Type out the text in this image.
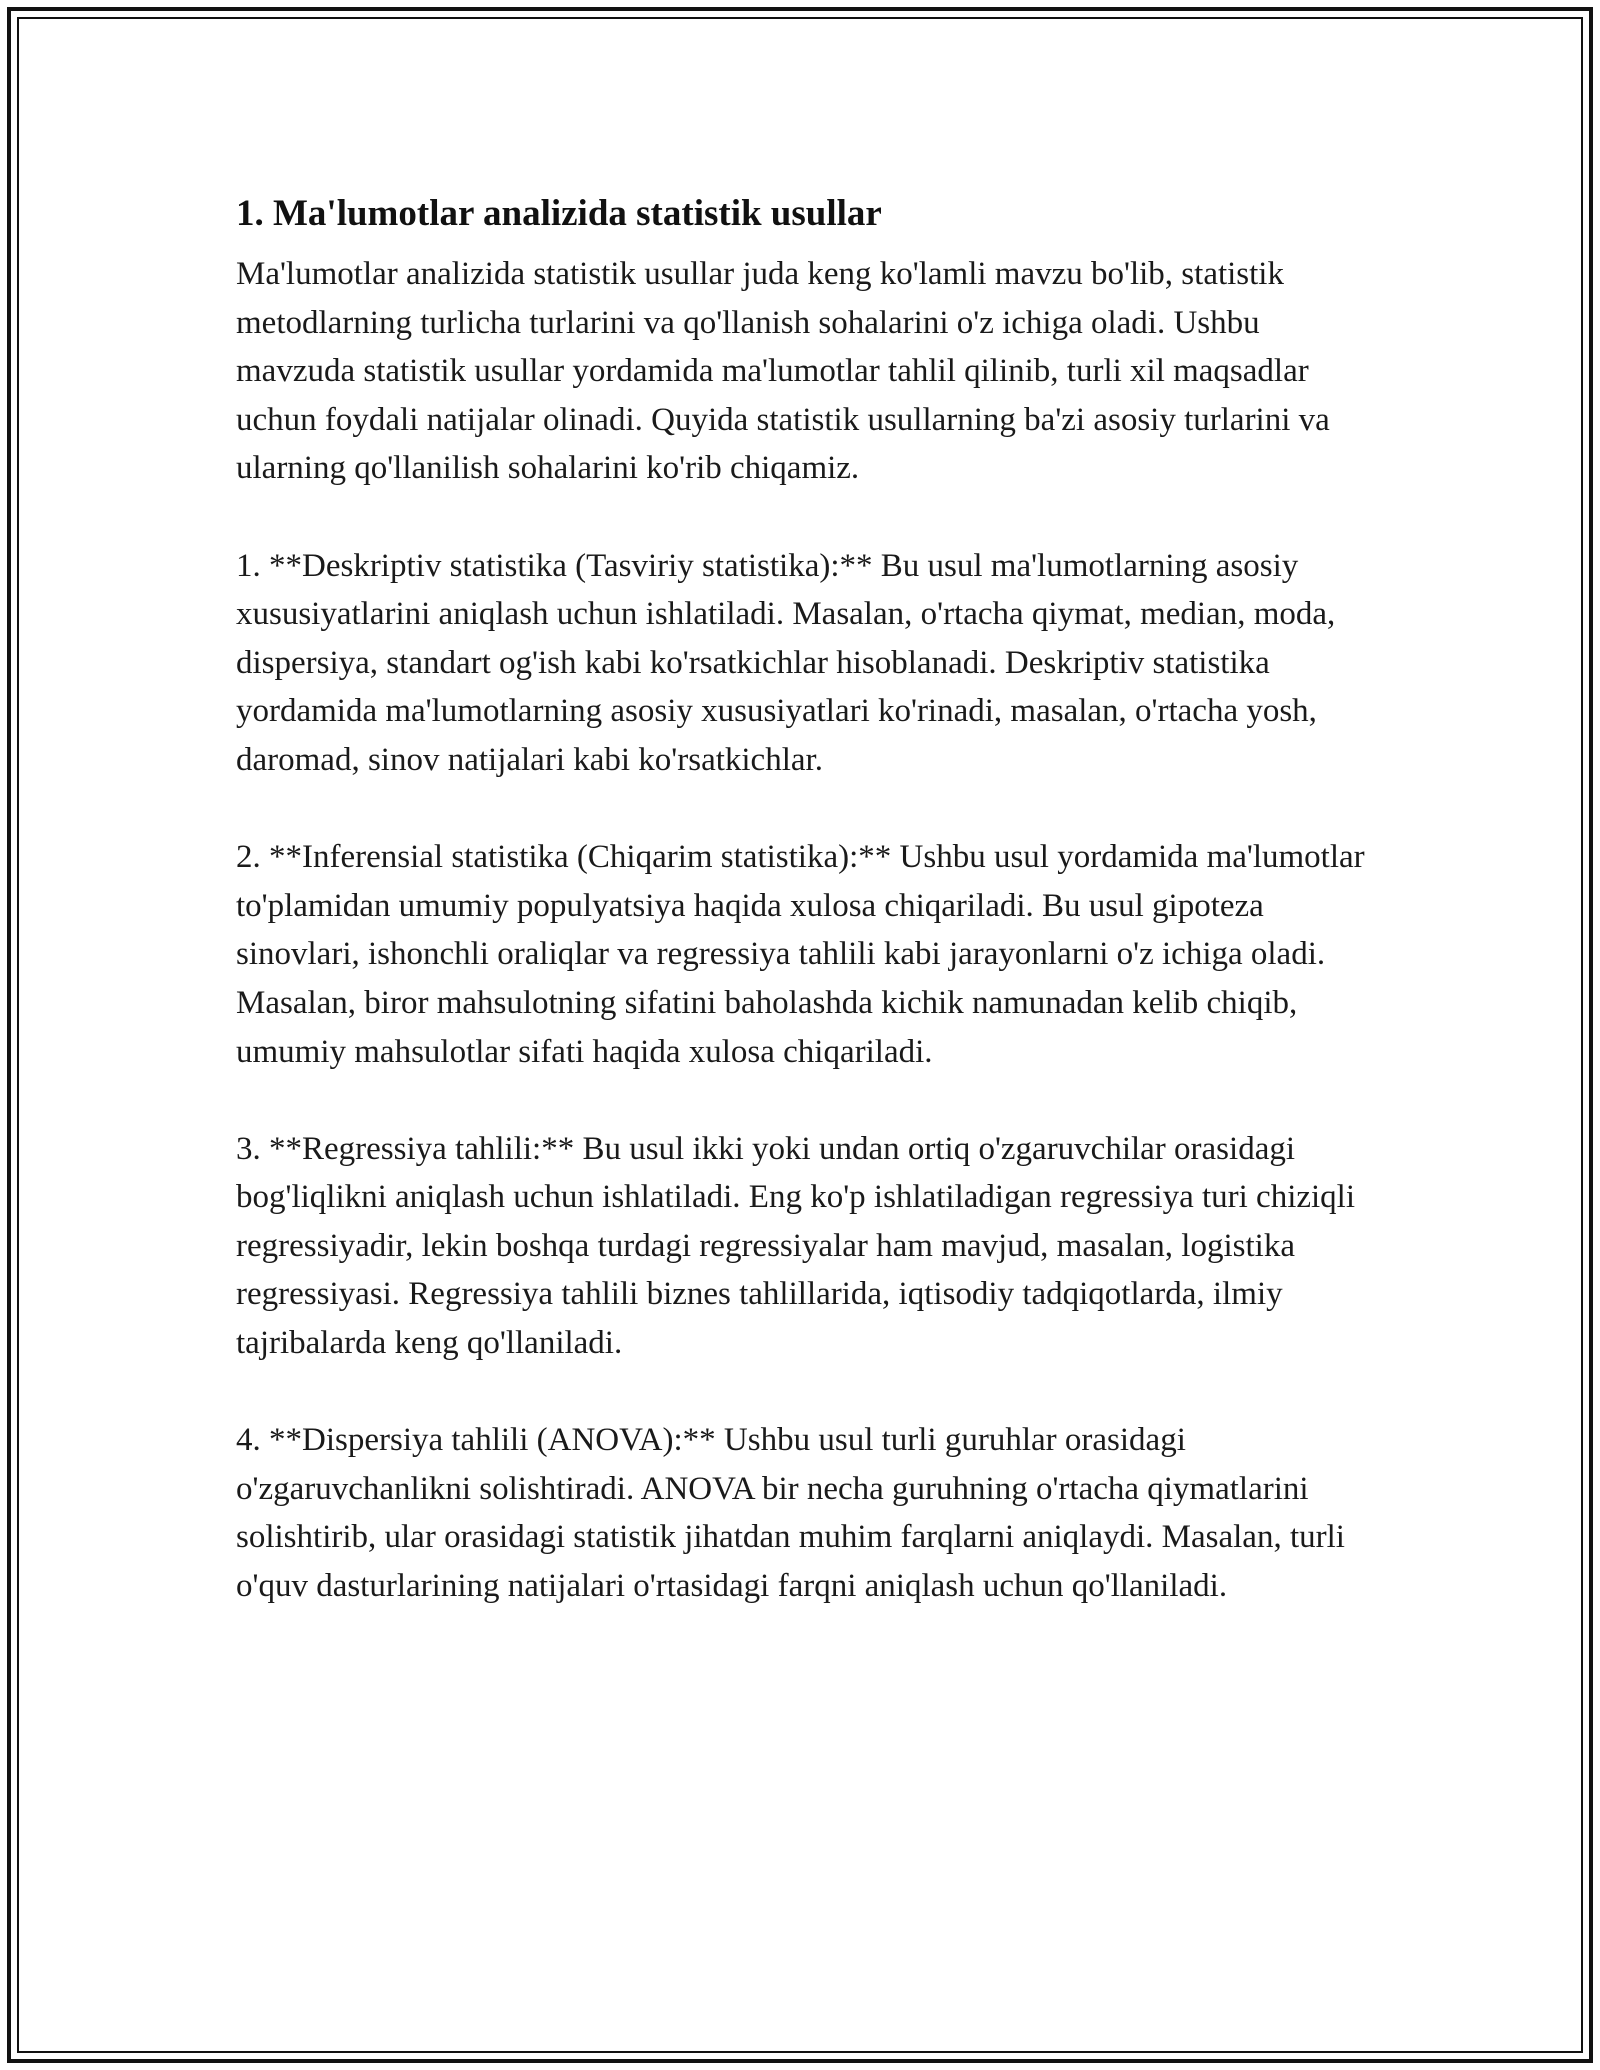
1. Ma'lumotlar analizida statistik usullar

Ma'lumotlar analizida statistik usullar juda keng ko'lamli mavzu bo'lib, statistik metodlarning turlicha turlarini va qo'llanish sohalarini o'z ichiga oladi. Ushbu mavzuda statistik usullar yordamida ma'lumotlar tahlil qilinib, turli xil maqsadlar uchun foydali natijalar olinadi. Quyida statistik usullarning ba'zi asosiy turlarini va ularning qo'llanilish sohalarini ko'rib chiqamiz.

1. **Deskriptiv statistika (Tasviriy statistika):** Bu usul ma'lumotlarning asosiy xususiyatlarini aniqlash uchun ishlatiladi. Masalan, o'rtacha qiymat, median, moda, dispersiya, standart og'ish kabi ko'rsatkichlar hisoblanadi. Deskriptiv statistika yordamida ma'lumotlarning asosiy xususiyatlari ko'rinadi, masalan, o'rtacha yosh, daromad, sinov natijalari kabi ko'rsatkichlar.

2. **Inferensial statistika (Chiqarim statistika):** Ushbu usul yordamida ma'lumotlar to'plamidan umumiy populyatsiya haqida xulosa chiqariladi. Bu usul gipoteza sinovlari, ishonchli oraliqlar va regressiya tahlili kabi jarayonlarni o'z ichiga oladi. Masalan, biror mahsulotning sifatini baholashda kichik namunadan kelib chiqib, umumiy mahsulotlar sifati haqida xulosa chiqariladi.

3. **Regressiya tahlili:** Bu usul ikki yoki undan ortiq o'zgaruvchilar orasidagi bog'liqlikni aniqlash uchun ishlatiladi. Eng ko'p ishlatiladigan regressiya turi chiziqli regressiyadir, lekin boshqa turdagi regressiyalar ham mavjud, masalan, logistika regressiyasi. Regressiya tahlili biznes tahlillarida, iqtisodiy tadqiqotlarda, ilmiy tajribalarda keng qo'llaniladi.

4. **Dispersiya tahlili (ANOVA):** Ushbu usul turli guruhlar orasidagi o'zgaruvchanlikni solishtiradi. ANOVA bir necha guruhning o'rtacha qiymatlarini solishtirib, ular orasidagi statistik jihatdan muhim farqlarni aniqlaydi. Masalan, turli o'quv dasturlarining natijalari o'rtasidagi farqni aniqlash uchun qo'llaniladi.
